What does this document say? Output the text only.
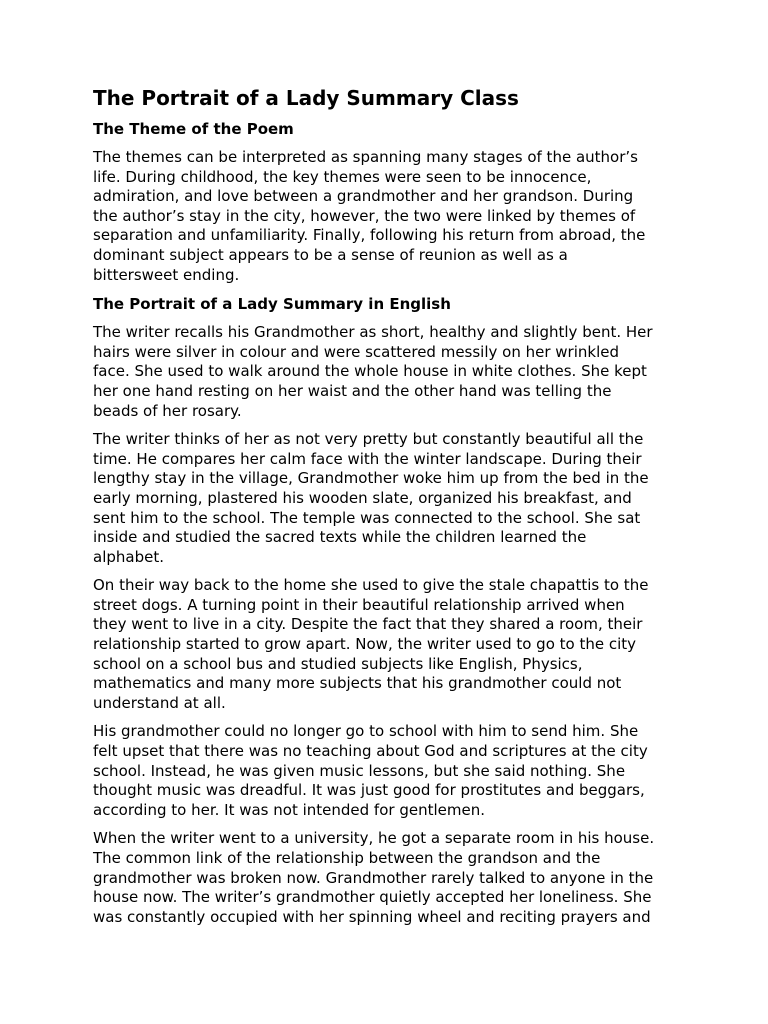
The Portrait of a Lady Summary Class
The Theme of the Poem

The themes can be interpreted as spanning many stages of the author’s
life. During childhood, the key themes were seen to be innocence,
admiration, and love between a grandmother and her grandson. During
the author’s stay in the city, however, the two were linked by themes of
separation and unfamiliarity. Finally, following his return from abroad, the
dominant subject appears to be a sense of reunion as well as a
bittersweet ending.

The Portrait of a Lady Summary in English

The writer recalls his Grandmother as short, healthy and slightly bent. Her
hairs were silver in colour and were scattered messily on her wrinkled
face. She used to walk around the whole house in white clothes. She kept
her one hand resting on her waist and the other hand was telling the
beads of her rosary.

The writer thinks of her as not very pretty but constantly beautiful all the
time. He compares her calm face with the winter landscape. During their
lengthy stay in the village, Grandmother woke him up from the bed in the
early morning, plastered his wooden slate, organized his breakfast, and
sent him to the school. The temple was connected to the school. She sat
inside and studied the sacred texts while the children learned the
alphabet.

On their way back to the home she used to give the stale chapattis to the
street dogs. A turning point in their beautiful relationship arrived when
they went to live in a city. Despite the fact that they shared a room, their
relationship started to grow apart. Now, the writer used to go to the city
school on a school bus and studied subjects like English, Physics,
mathematics and many more subjects that his grandmother could not
understand at all.

His grandmother could no longer go to school with him to send him. She
felt upset that there was no teaching about God and scriptures at the city
school. Instead, he was given music lessons, but she said nothing. She
thought music was dreadful. It was just good for prostitutes and beggars,
according to her. It was not intended for gentlemen.

When the writer went to a university, he got a separate room in his house.
The common link of the relationship between the grandson and the
grandmother was broken now. Grandmother rarely talked to anyone in the
house now. The writer’s grandmother quietly accepted her loneliness. She
was constantly occupied with her spinning wheel and reciting prayers and
